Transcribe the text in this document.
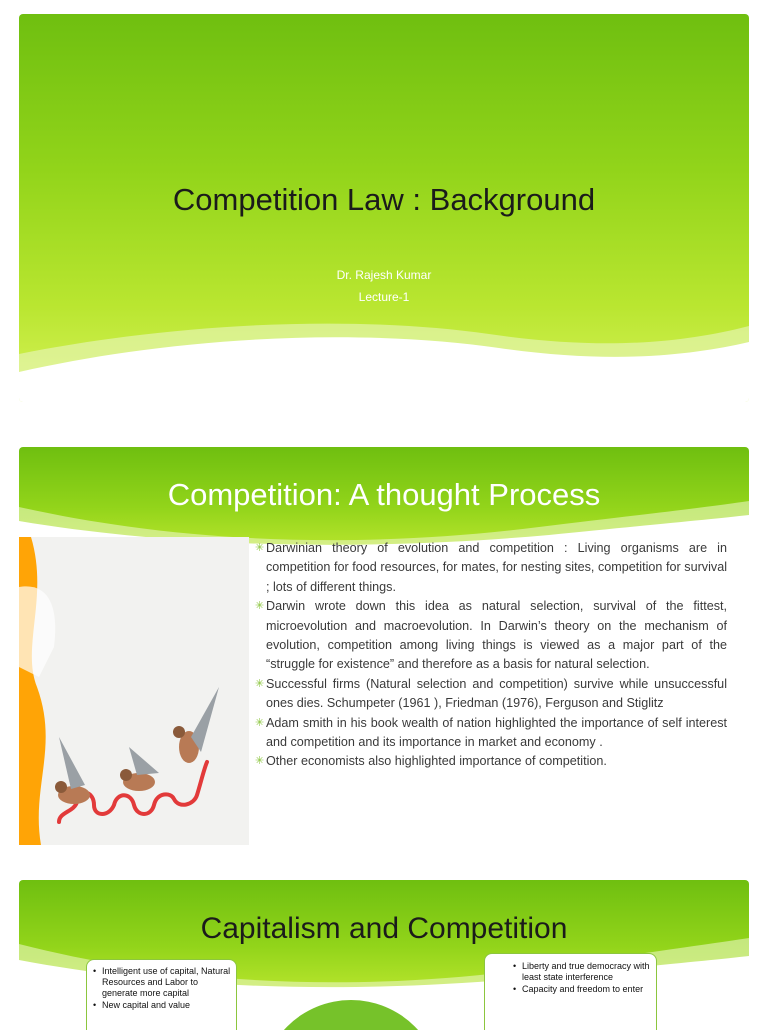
Competition Law : Background
Dr. Rajesh Kumar
Lecture-1
Competition: A thought Process
✳ Darwinian theory of evolution and competition : Living organisms are in competition for food resources, for mates, for nesting sites, competition for survival ; lots of different things.
✳ Darwin wrote down this idea as natural selection, survival of the fittest, microevolution and macroevolution. In Darwin’s theory on the mechanism of evolution, competition among living things is viewed as a major part of the “struggle for existence” and therefore as a basis for natural selection.
✳ Successful firms (Natural selection and competition) survive while unsuccessful ones dies. Schumpeter (1961 ), Friedman (1976), Ferguson and Stiglitz
✳ Adam smith in his book wealth of nation highlighted the importance of self interest and competition and its importance in market and economy .
✳ Other economists also highlighted importance of competition.
Capitalism and Competition
• Intelligent use of capital, Natural Resources and Labor to generate more capital
• New capital and value
• Liberty and true democracy with least state interference
• Capacity and freedom to enter
